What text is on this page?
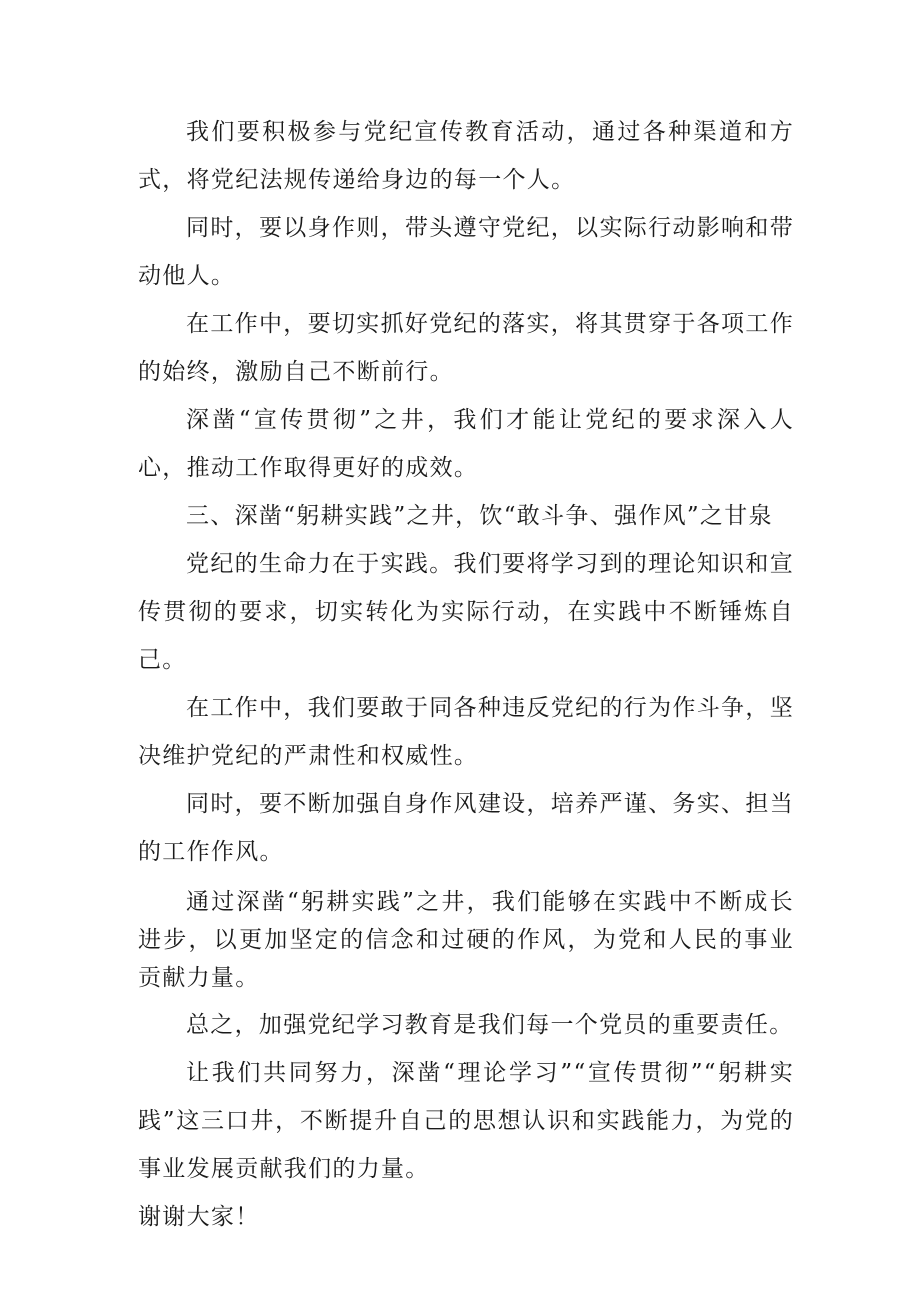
我们要积极参与党纪宣传教育活动，通过各种渠道和方式，将党纪法规传递给身边的每一个人。

同时，要以身作则，带头遵守党纪，以实际行动影响和带动他人。

在工作中，要切实抓好党纪的落实，将其贯穿于各项工作的始终，激励自己不断前行。

深凿“宣传贯彻”之井，我们才能让党纪的要求深入人心，推动工作取得更好的成效。

三、深凿“躬耕实践”之井，饮“敢斗争、强作风”之甘泉

党纪的生命力在于实践。我们要将学习到的理论知识和宣传贯彻的要求，切实转化为实际行动，在实践中不断锤炼自己。

在工作中，我们要敢于同各种违反党纪的行为作斗争，坚决维护党纪的严肃性和权威性。

同时，要不断加强自身作风建设，培养严谨、务实、担当的工作作风。

通过深凿“躬耕实践”之井，我们能够在实践中不断成长进步，以更加坚定的信念和过硬的作风，为党和人民的事业贡献力量。

总之，加强党纪学习教育是我们每一个党员的重要责任。

让我们共同努力，深凿“理论学习”“宣传贯彻”“躬耕实践”这三口井，不断提升自己的思想认识和实践能力，为党的事业发展贡献我们的力量。

谢谢大家！
